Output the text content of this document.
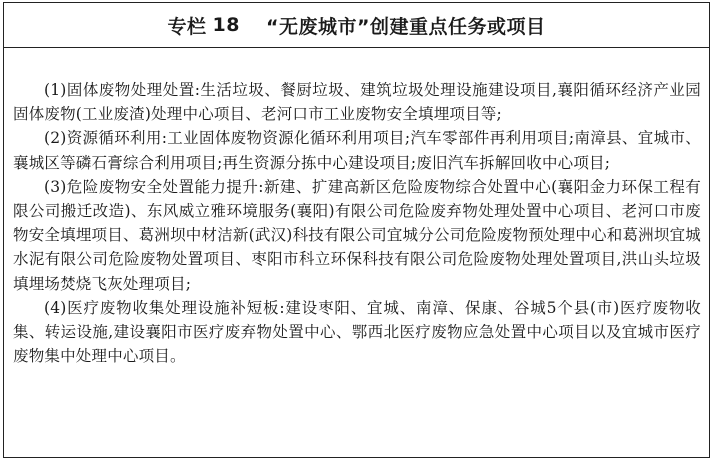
专栏 18 “无废城市”创建重点任务或项目

(1)固体废物处理处置:生活垃圾、餐厨垃圾、建筑垃圾处理设施建设项目,襄阳循环经济产业园固体废物(工业废渣)处理中心项目、老河口市工业废物安全填埋项目等;

(2)资源循环利用:工业固体废物资源化循环利用项目;汽车零部件再利用项目;南漳县、宜城市、襄城区等磷石膏综合利用项目;再生资源分拣中心建设项目;废旧汽车拆解回收中心项目;

(3)危险废物安全处置能力提升:新建、扩建高新区危险废物综合处置中心(襄阳金力环保工程有限公司搬迁改造)、东风威立雅环境服务(襄阳)有限公司危险废弃物处理处置中心项目、老河口市废物安全填埋项目、葛洲坝中材洁新(武汉)科技有限公司宜城分公司危险废物预处理中心和葛洲坝宜城水泥有限公司危险废物处置项目、枣阳市科立环保科技有限公司危险废物处理处置项目,洪山头垃圾填埋场焚烧飞灰处理项目;

(4)医疗废物收集处理设施补短板:建设枣阳、宜城、南漳、保康、谷城5个县(市)医疗废物收集、转运设施,建设襄阳市医疗废弃物处置中心、鄂西北医疗废物应急处置中心项目以及宜城市医疗废物集中处理中心项目。
